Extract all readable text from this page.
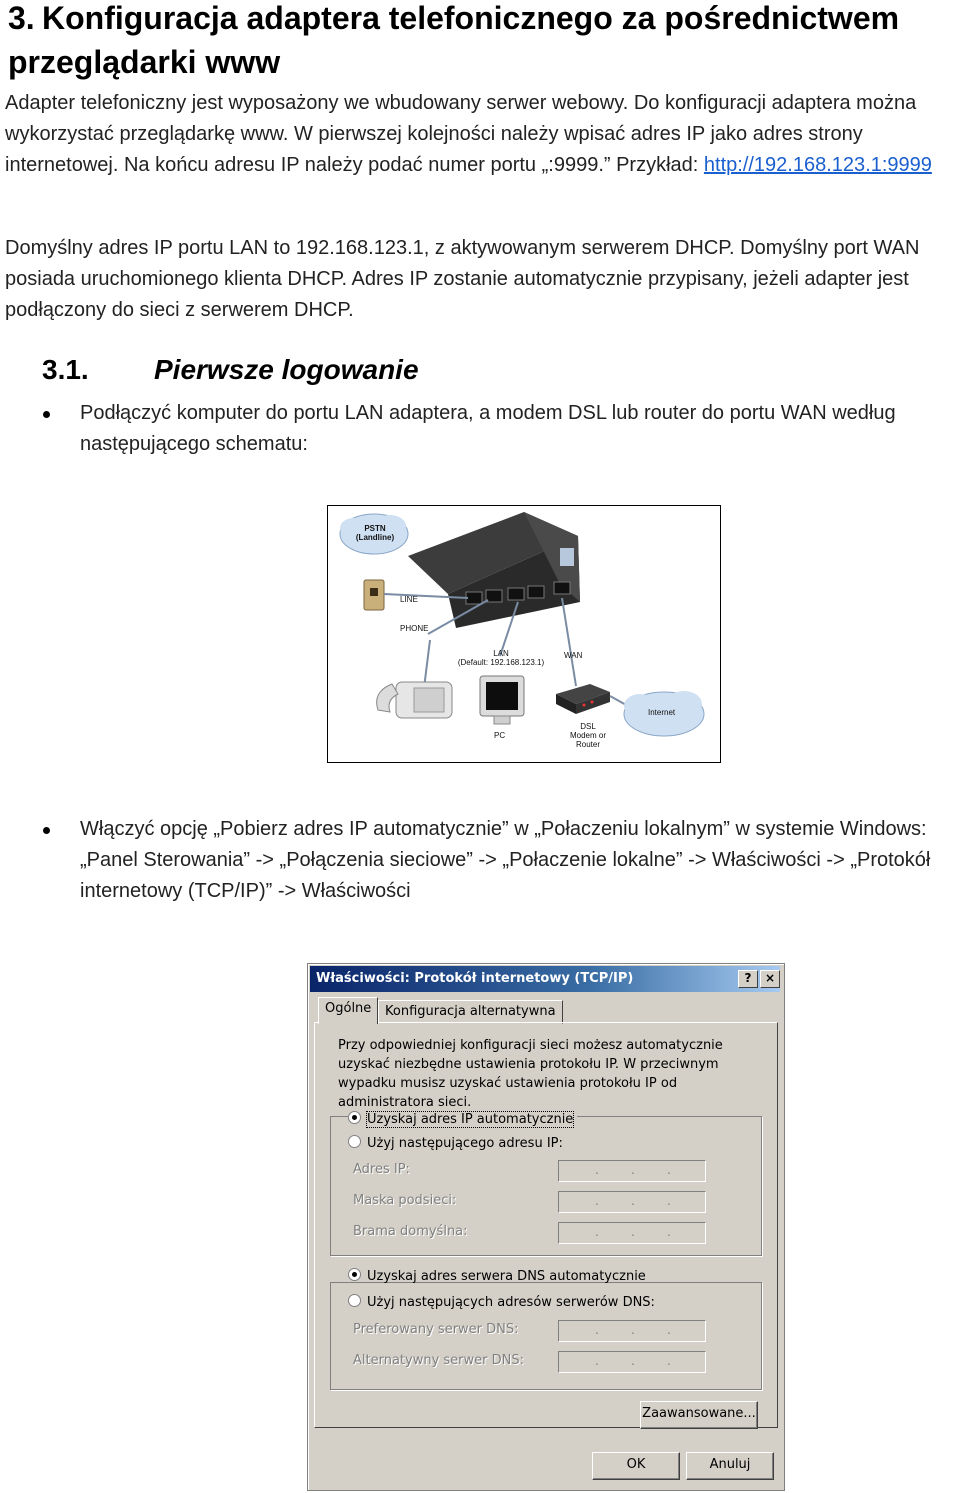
3. Konfiguracja adaptera telefonicznego za pośrednictwem przeglądarki www

Adapter telefoniczny jest wyposażony we wbudowany serwer webowy. Do konfiguracji adaptera można wykorzystać przeglądarkę www. W pierwszej kolejności należy wpisać adres IP jako adres strony internetowej. Na końcu adresu IP należy podać numer portu „:9999.” Przykład: http://192.168.123.1:9999

Domyślny adres IP portu LAN to 192.168.123.1, z aktywowanym serwerem DHCP. Domyślny port WAN posiada uruchomionego klienta DHCP. Adres IP zostanie automatycznie przypisany, jeżeli adapter jest podłączony do sieci z serwerem DHCP.

3.1. Pierwsze logowanie
Podłączyć komputer do portu LAN adaptera, a modem DSL lub router do portu WAN według następującego schematu:
PSTN
(Landline)
LINE
PHONE
LAN
(Default: 192.168.123.1)
WAN
PC
DSL
Modem or
Router
Internet
Włączyć opcję „Pobierz adres IP automatycznie” w „Połaczeniu lokalnym” w systemie Windows: „Panel Sterowania” -> „Połączenia sieciowe” -> „Połaczenie lokalne” -> Właściwości -> „Protokół internetowy (TCP/IP)” -> Właściwości
Właściwości: Protokół internetowy (TCP/IP)	?	×
Ogólne	Konfiguracja alternatywna
Przy odpowiedniej konfiguracji sieci możesz automatycznie uzyskać niezbędne ustawienia protokołu IP. W przeciwnym wypadku musisz uzyskać ustawienia protokołu IP od administratora sieci.
Uzyskaj adres IP automatycznie
Użyj następującego adresu IP:
Adres IP:	.	.	.
Maska podsieci:	.	.	.
Brama domyślna:	.	.	.
Uzyskaj adres serwera DNS automatycznie
Użyj następujących adresów serwerów DNS:
Preferowany serwer DNS:	.	.	.
Alternatywny serwer DNS:	.	.	.
Zaawansowane...
OK	Anuluj
